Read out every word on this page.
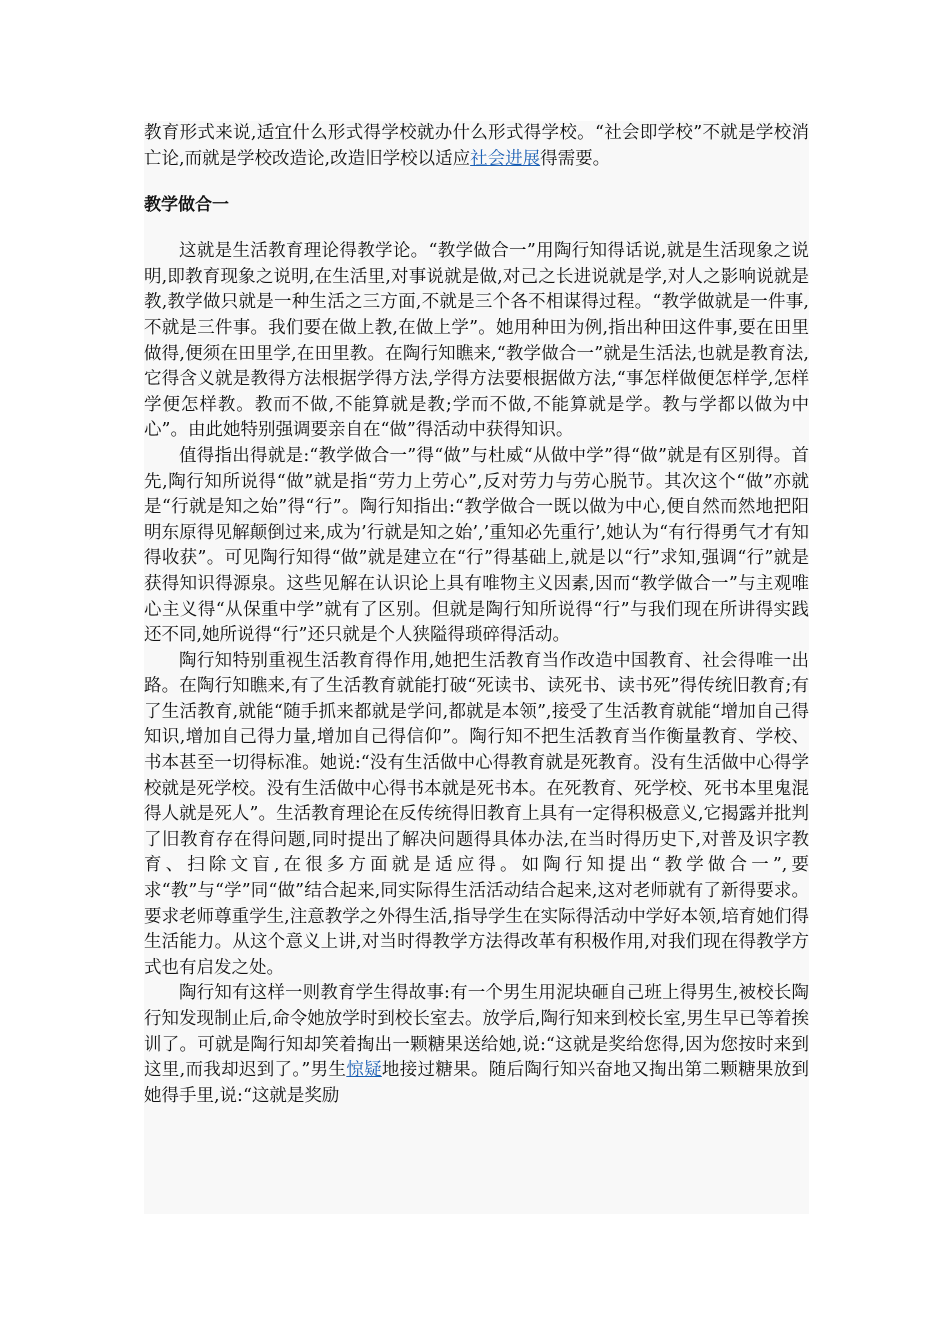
教育形式来说,适宜什么形式得学校就办什么形式得学校。“社会即学校”不就是学校消亡论,而就是学校改造论,改造旧学校以适应社会进展得需要。

教学做合一

这就是生活教育理论得教学论。“教学做合一”用陶行知得话说,就是生活现象之说明,即教育现象之说明,在生活里,对事说就是做,对己之长进说就是学,对人之影响说就是教,教学做只就是一种生活之三方面,不就是三个各不相谋得过程。“教学做就是一件事,不就是三件事。我们要在做上教,在做上学”。她用种田为例,指出种田这件事,要在田里做得,便须在田里学,在田里教。在陶行知瞧来,“教学做合一”就是生活法,也就是教育法,它得含义就是教得方法根据学得方法,学得方法要根据做方法,“事怎样做便怎样学,怎样学便怎样教。教而不做,不能算就是教;学而不做,不能算就是学。教与学都以做为中心”。由此她特别强调要亲自在“做”得活动中获得知识。

值得指出得就是:“教学做合一”得“做”与杜威“从做中学”得“做”就是有区别得。首先,陶行知所说得“做”就是指“劳力上劳心”,反对劳力与劳心脱节。其次这个“做”亦就是“行就是知之始”得“行”。陶行知指出:“教学做合一既以做为中心,便自然而然地把阳明东原得见解颠倒过来,成为’行就是知之始’,’重知必先重行’,她认为“有行得勇气才有知得收获”。可见陶行知得“做”就是建立在“行”得基础上,就是以“行”求知,强调“行”就是获得知识得源泉。这些见解在认识论上具有唯物主义因素,因而“教学做合一”与主观唯心主义得“从保重中学”就有了区别。但就是陶行知所说得“行”与我们现在所讲得实践还不同,她所说得“行”还只就是个人狭隘得琐碎得活动。

陶行知特别重视生活教育得作用,她把生活教育当作改造中国教育、社会得唯一出路。在陶行知瞧来,有了生活教育就能打破“死读书、读死书、读书死”得传统旧教育;有了生活教育,就能“随手抓来都就是学问,都就是本领”,接受了生活教育就能“增加自己得知识,增加自己得力量,增加自己得信仰”。陶行知不把生活教育当作衡量教育、学校、书本甚至一切得标准。她说:“没有生活做中心得教育就是死教育。没有生活做中心得学校就是死学校。没有生活做中心得书本就是死书本。在死教育、死学校、死书本里鬼混得人就是死人”。生活教育理论在反传统得旧教育上具有一定得积极意义,它揭露并批判了旧教育存在得问题,同时提出了解决问题得具体办法,在当时得历史下,对普及识字教育、扫除文盲,在很多方面就是适应得。如陶行知提出“教学做合一”,要求“教”与“学”同“做”结合起来,同实际得生活活动结合起来,这对老师就有了新得要求。要求老师尊重学生,注意教学之外得生活,指导学生在实际得活动中学好本领,培育她们得生活能力。从这个意义上讲,对当时得教学方法得改革有积极作用,对我们现在得教学方式也有启发之处。

陶行知有这样一则教育学生得故事:有一个男生用泥块砸自己班上得男生,被校长陶行知发现制止后,命令她放学时到校长室去。放学后,陶行知来到校长室,男生早已等着挨训了。可就是陶行知却笑着掏出一颗糖果送给她,说:“这就是奖给您得,因为您按时来到这里,而我却迟到了。”男生惊疑地接过糖果。随后陶行知兴奋地又掏出第二颗糖果放到她得手里,说:“这就是奖励
